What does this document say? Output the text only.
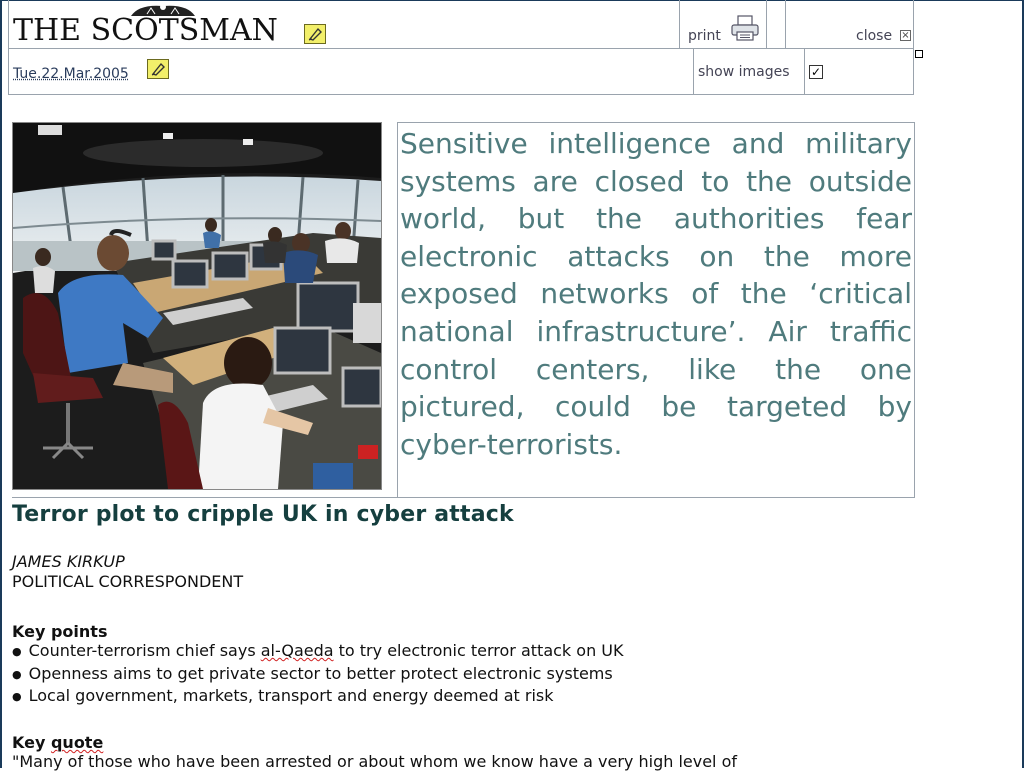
THE SCOTSMAN	print	close ×
Tue.22.Mar.2005	show images ✓

Sensitive intelligence and military systems are closed to the outside world, but the authorities fear electronic attacks on the more exposed networks of the ‘critical national infrastructure’. Air traffic control centers, like the one pictured, could be targeted by cyber-terrorists.

Terror plot to cripple UK in cyber attack
JAMES KIRKUP
POLITICAL CORRESPONDENT
Key points
● Counter-terrorism chief says al-Qaeda to try electronic terror attack on UK
● Openness aims to get private sector to better protect electronic systems
● Local government, markets, transport and energy deemed at risk
Key quote
"Many of those who have been arrested or about whom we know have a very high level of
